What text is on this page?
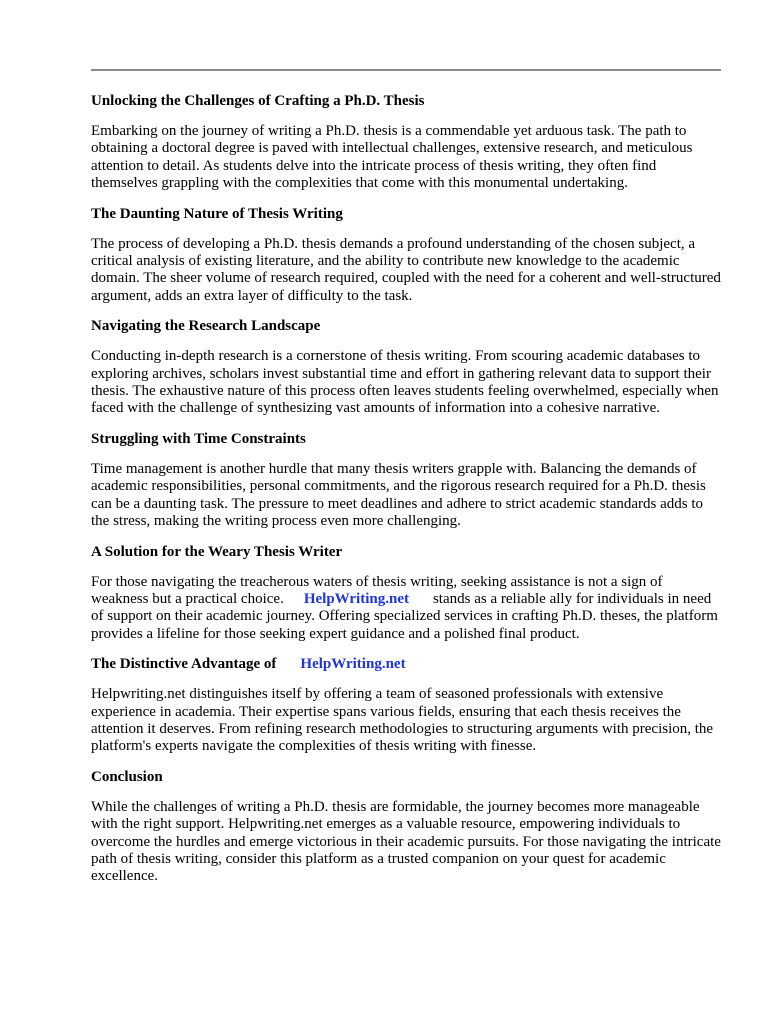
Unlocking the Challenges of Crafting a Ph.D. Thesis

Embarking on the journey of writing a Ph.D. thesis is a commendable yet arduous task. The path to obtaining a doctoral degree is paved with intellectual challenges, extensive research, and meticulous attention to detail. As students delve into the intricate process of thesis writing, they often find themselves grappling with the complexities that come with this monumental undertaking.

The Daunting Nature of Thesis Writing

The process of developing a Ph.D. thesis demands a profound understanding of the chosen subject, a critical analysis of existing literature, and the ability to contribute new knowledge to the academic domain. The sheer volume of research required, coupled with the need for a coherent and well-structured argument, adds an extra layer of difficulty to the task.

Navigating the Research Landscape

Conducting in-depth research is a cornerstone of thesis writing. From scouring academic databases to exploring archives, scholars invest substantial time and effort in gathering relevant data to support their thesis. The exhaustive nature of this process often leaves students feeling overwhelmed, especially when faced with the challenge of synthesizing vast amounts of information into a cohesive narrative.

Struggling with Time Constraints

Time management is another hurdle that many thesis writers grapple with. Balancing the demands of academic responsibilities, personal commitments, and the rigorous research required for a Ph.D. thesis can be a daunting task. The pressure to meet deadlines and adhere to strict academic standards adds to the stress, making the writing process even more challenging.

A Solution for the Weary Thesis Writer

For those navigating the treacherous waters of thesis writing, seeking assistance is not a sign of weakness but a practical choice. HelpWriting.net stands as a reliable ally for individuals in need of support on their academic journey. Offering specialized services in crafting Ph.D. theses, the platform provides a lifeline for those seeking expert guidance and a polished final product.

The Distinctive Advantage of HelpWriting.net

Helpwriting.net distinguishes itself by offering a team of seasoned professionals with extensive experience in academia. Their expertise spans various fields, ensuring that each thesis receives the attention it deserves. From refining research methodologies to structuring arguments with precision, the platform's experts navigate the complexities of thesis writing with finesse.

Conclusion

While the challenges of writing a Ph.D. thesis are formidable, the journey becomes more manageable with the right support. Helpwriting.net emerges as a valuable resource, empowering individuals to overcome the hurdles and emerge victorious in their academic pursuits. For those navigating the intricate path of thesis writing, consider this platform as a trusted companion on your quest for academic excellence.
